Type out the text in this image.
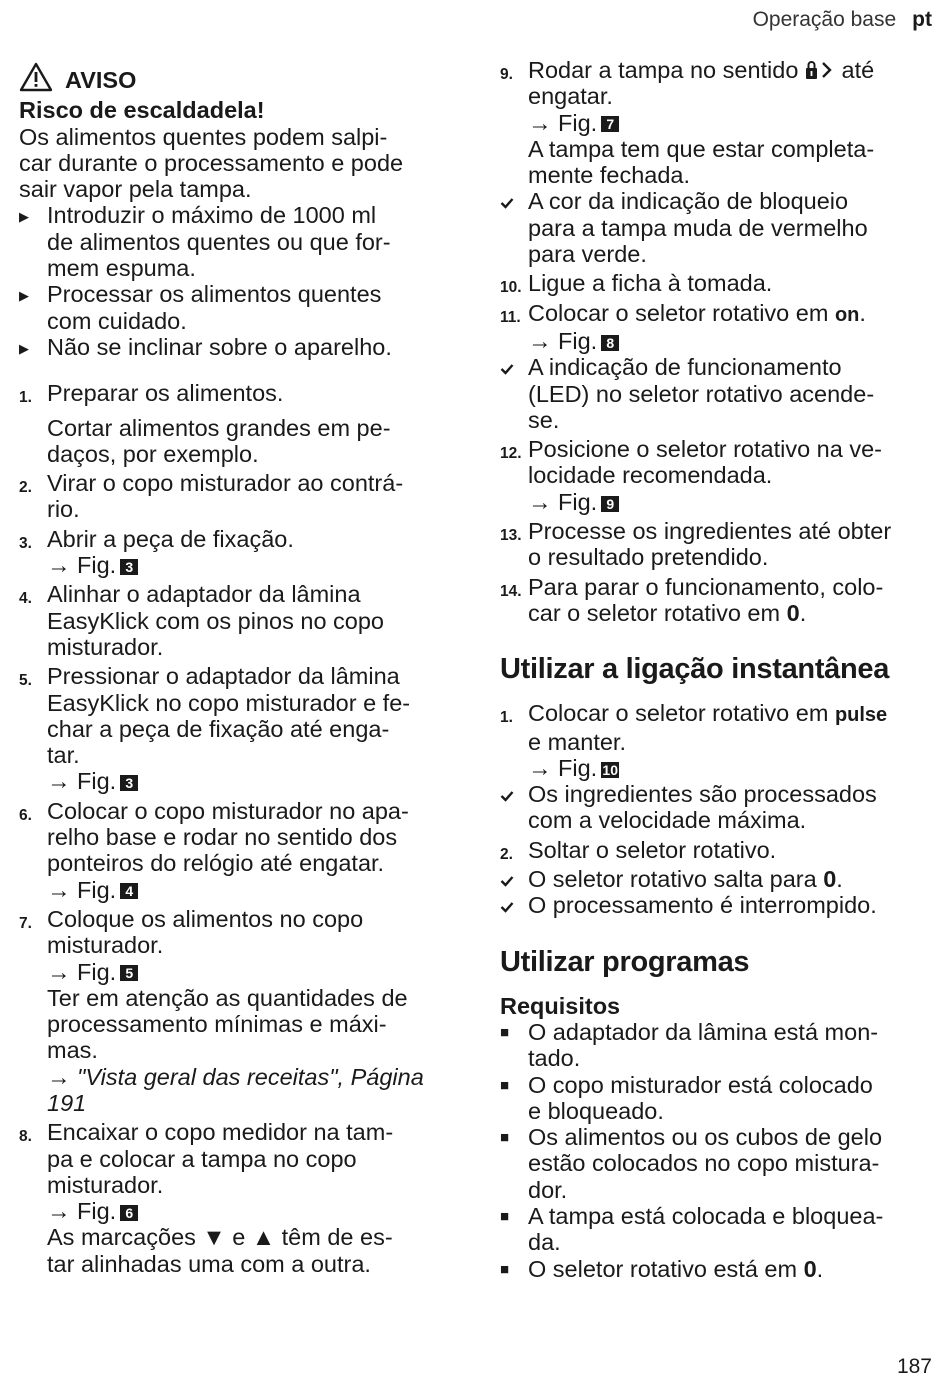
Operação base pt
AVISO
Risco de escaldadela!
Os alimentos quentes podem salpi-
car durante o processamento e pode
sair vapor pela tampa.
▶ Introduzir o máximo de 1000 ml
de alimentos quentes ou que for-
mem espuma.
▶ Processar os alimentos quentes
com cuidado.
▶ Não se inclinar sobre o aparelho.
1. Preparar os alimentos.
Cortar alimentos grandes em pe-
daços, por exemplo.
2. Virar o copo misturador ao contrá-
rio.
3. Abrir a peça de fixação.
→ Fig. 3
4. Alinhar o adaptador da lâmina
EasyKlick com os pinos no copo
misturador.
5. Pressionar o adaptador da lâmina
EasyKlick no copo misturador e fe-
char a peça de fixação até enga-
tar.
→ Fig. 3
6. Colocar o copo misturador no apa-
relho base e rodar no sentido dos
ponteiros do relógio até engatar.
→ Fig. 4
7. Coloque os alimentos no copo
misturador.
→ Fig. 5
Ter em atenção as quantidades de
processamento mínimas e máxi-
mas.
→ "Vista geral das receitas", Página
191
8. Encaixar o copo medidor na tam-
pa e colocar a tampa no copo
misturador.
→ Fig. 6
As marcações ▼ e ▲ têm de es-
tar alinhadas uma com a outra.
9. Rodar a tampa no sentido até
engatar.
→ Fig. 7
A tampa tem que estar completa-
mente fechada.
A cor da indicação de bloqueio
para a tampa muda de vermelho
para verde.
10. Ligue a ficha à tomada.
11. Colocar o seletor rotativo em on.
→ Fig. 8
A indicação de funcionamento
(LED) no seletor rotativo acende-
se.
12. Posicione o seletor rotativo na ve-
locidade recomendada.
→ Fig. 9
13. Processe os ingredientes até obter
o resultado pretendido.
14. Para parar o funcionamento, colo-
car o seletor rotativo em 0.
Utilizar a ligação instantânea
1. Colocar o seletor rotativo em pulse
e manter.
→ Fig. 10
Os ingredientes são processados
com a velocidade máxima.
2. Soltar o seletor rotativo.
O seletor rotativo salta para 0.
O processamento é interrompido.
Utilizar programas
Requisitos
■ O adaptador da lâmina está mon-
tado.
■ O copo misturador está colocado
e bloqueado.
■ Os alimentos ou os cubos de gelo
estão colocados no copo mistura-
dor.
■ A tampa está colocada e bloquea-
da.
■ O seletor rotativo está em 0.
187
